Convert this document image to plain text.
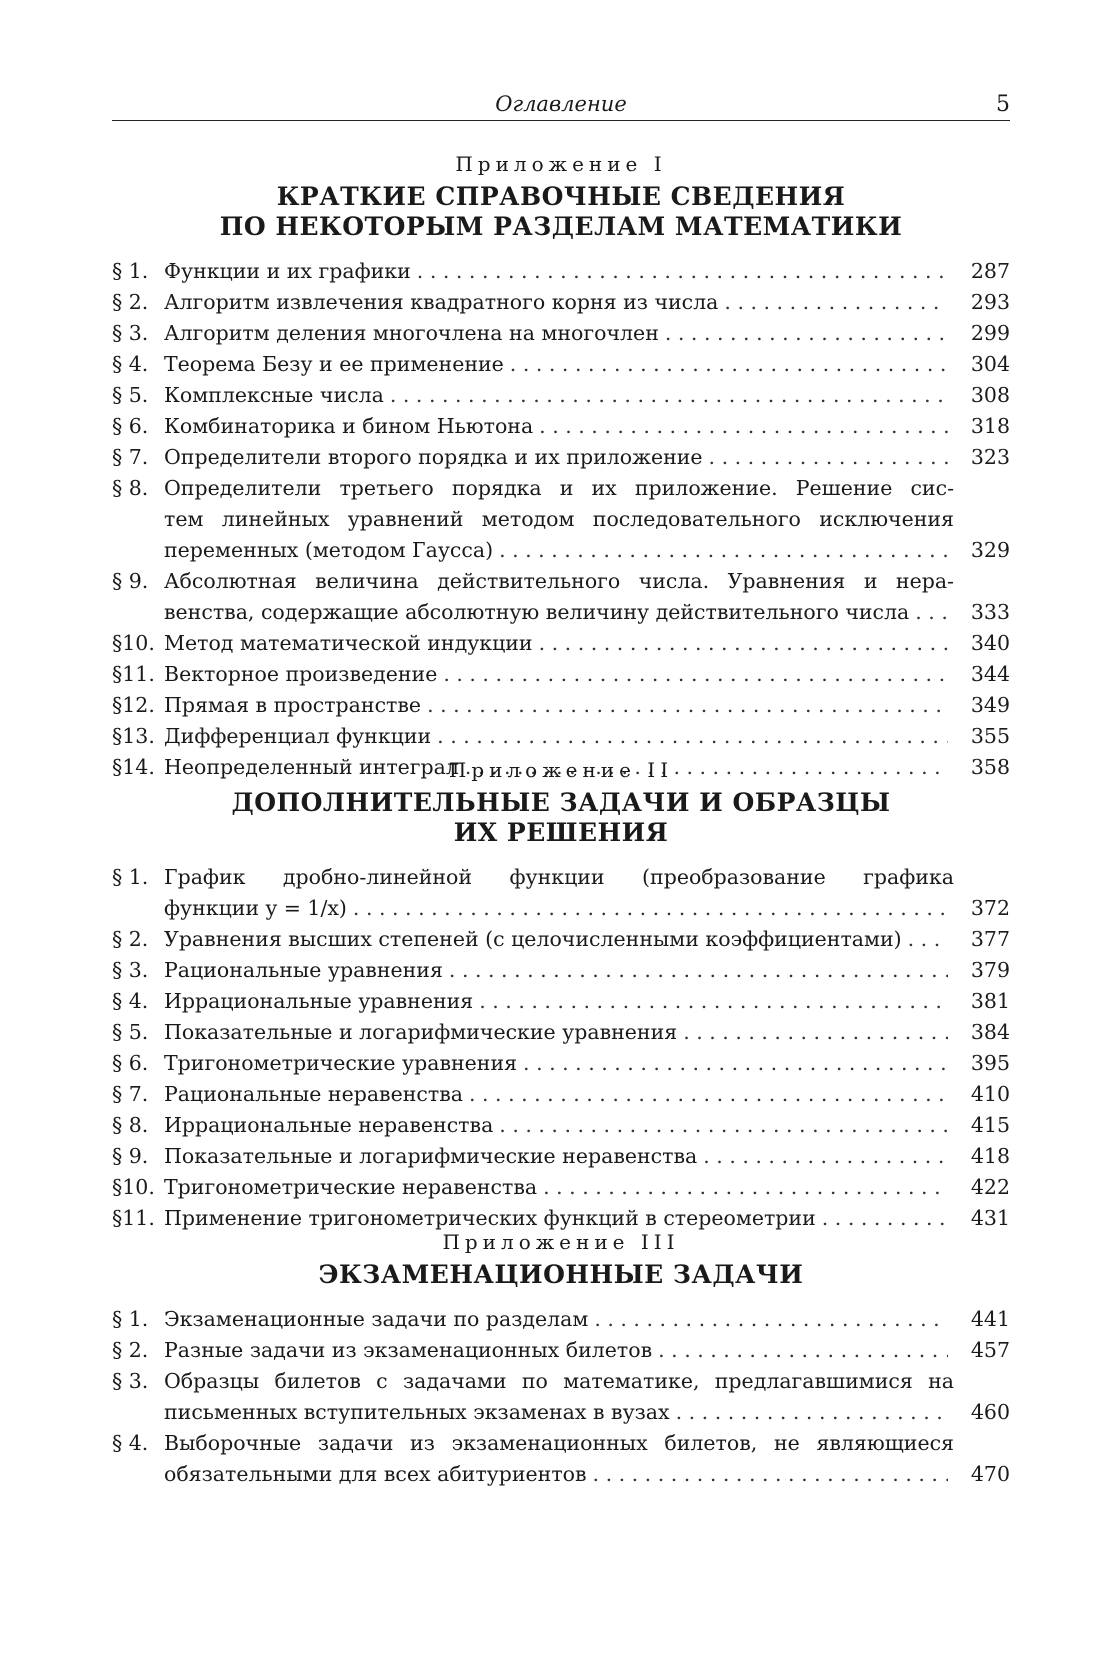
Оглавление	5
Приложение I
КРАТКИЕ СПРАВОЧНЫЕ СВЕДЕНИЯ
ПО НЕКОТОРЫМ РАЗДЕЛАМ МАТЕМАТИКИ
§ 1. Функции и их графики . . .	287
§ 2. Алгоритм извлечения квадратного корня из числа . . .	293
§ 3. Алгоритм деления многочлена на многочлен . . .	299
§ 4. Теорема Безу и ее применение . . .	304
§ 5. Комплексные числа . . .	308
§ 6. Комбинаторика и бином Ньютона . . .	318
§ 7. Определители второго порядка и их приложение . . .	323
§ 8. Определители третьего порядка и их приложение. Решение сис-
тем линейных уравнений методом последовательного исключения
переменных (методом Гаусса) . . .	329
§ 9. Абсолютная величина действительного числа. Уравнения и нера-
венства, содержащие абсолютную величину действительного числа . . .	333
§10. Метод математической индукции . . .	340
§11. Векторное произведение . . .	344
§12. Прямая в пространстве . . .	349
§13. Дифференциал функции . . .	355
§14. Неопределенный интеграл . . .	358
Приложение II
ДОПОЛНИТЕЛЬНЫЕ ЗАДАЧИ И ОБРАЗЦЫ
ИХ РЕШЕНИЯ
§ 1. График дробно-линейной функции (преобразование графика
функции y = 1/x) . . .	372
§ 2. Уравнения высших степеней (с целочисленными коэффициентами) . . .	377
§ 3. Рациональные уравнения . . .	379
§ 4. Иррациональные уравнения . . .	381
§ 5. Показательные и логарифмические уравнения . . .	384
§ 6. Тригонометрические уравнения . . .	395
§ 7. Рациональные неравенства . . .	410
§ 8. Иррациональные неравенства . . .	415
§ 9. Показательные и логарифмические неравенства . . .	418
§10. Тригонометрические неравенства . . .	422
§11. Применение тригонометрических функций в стереометрии . . .	431
Приложение III
ЭКЗАМЕНАЦИОННЫЕ ЗАДАЧИ
§ 1. Экзаменационные задачи по разделам . . .	441
§ 2. Разные задачи из экзаменационных билетов . . .	457
§ 3. Образцы билетов с задачами по математике, предлагавшимися на
письменных вступительных экзаменах в вузах . . .	460
§ 4. Выборочные задачи из экзаменационных билетов, не являющиеся
обязательными для всех абитуриентов . . .	470
